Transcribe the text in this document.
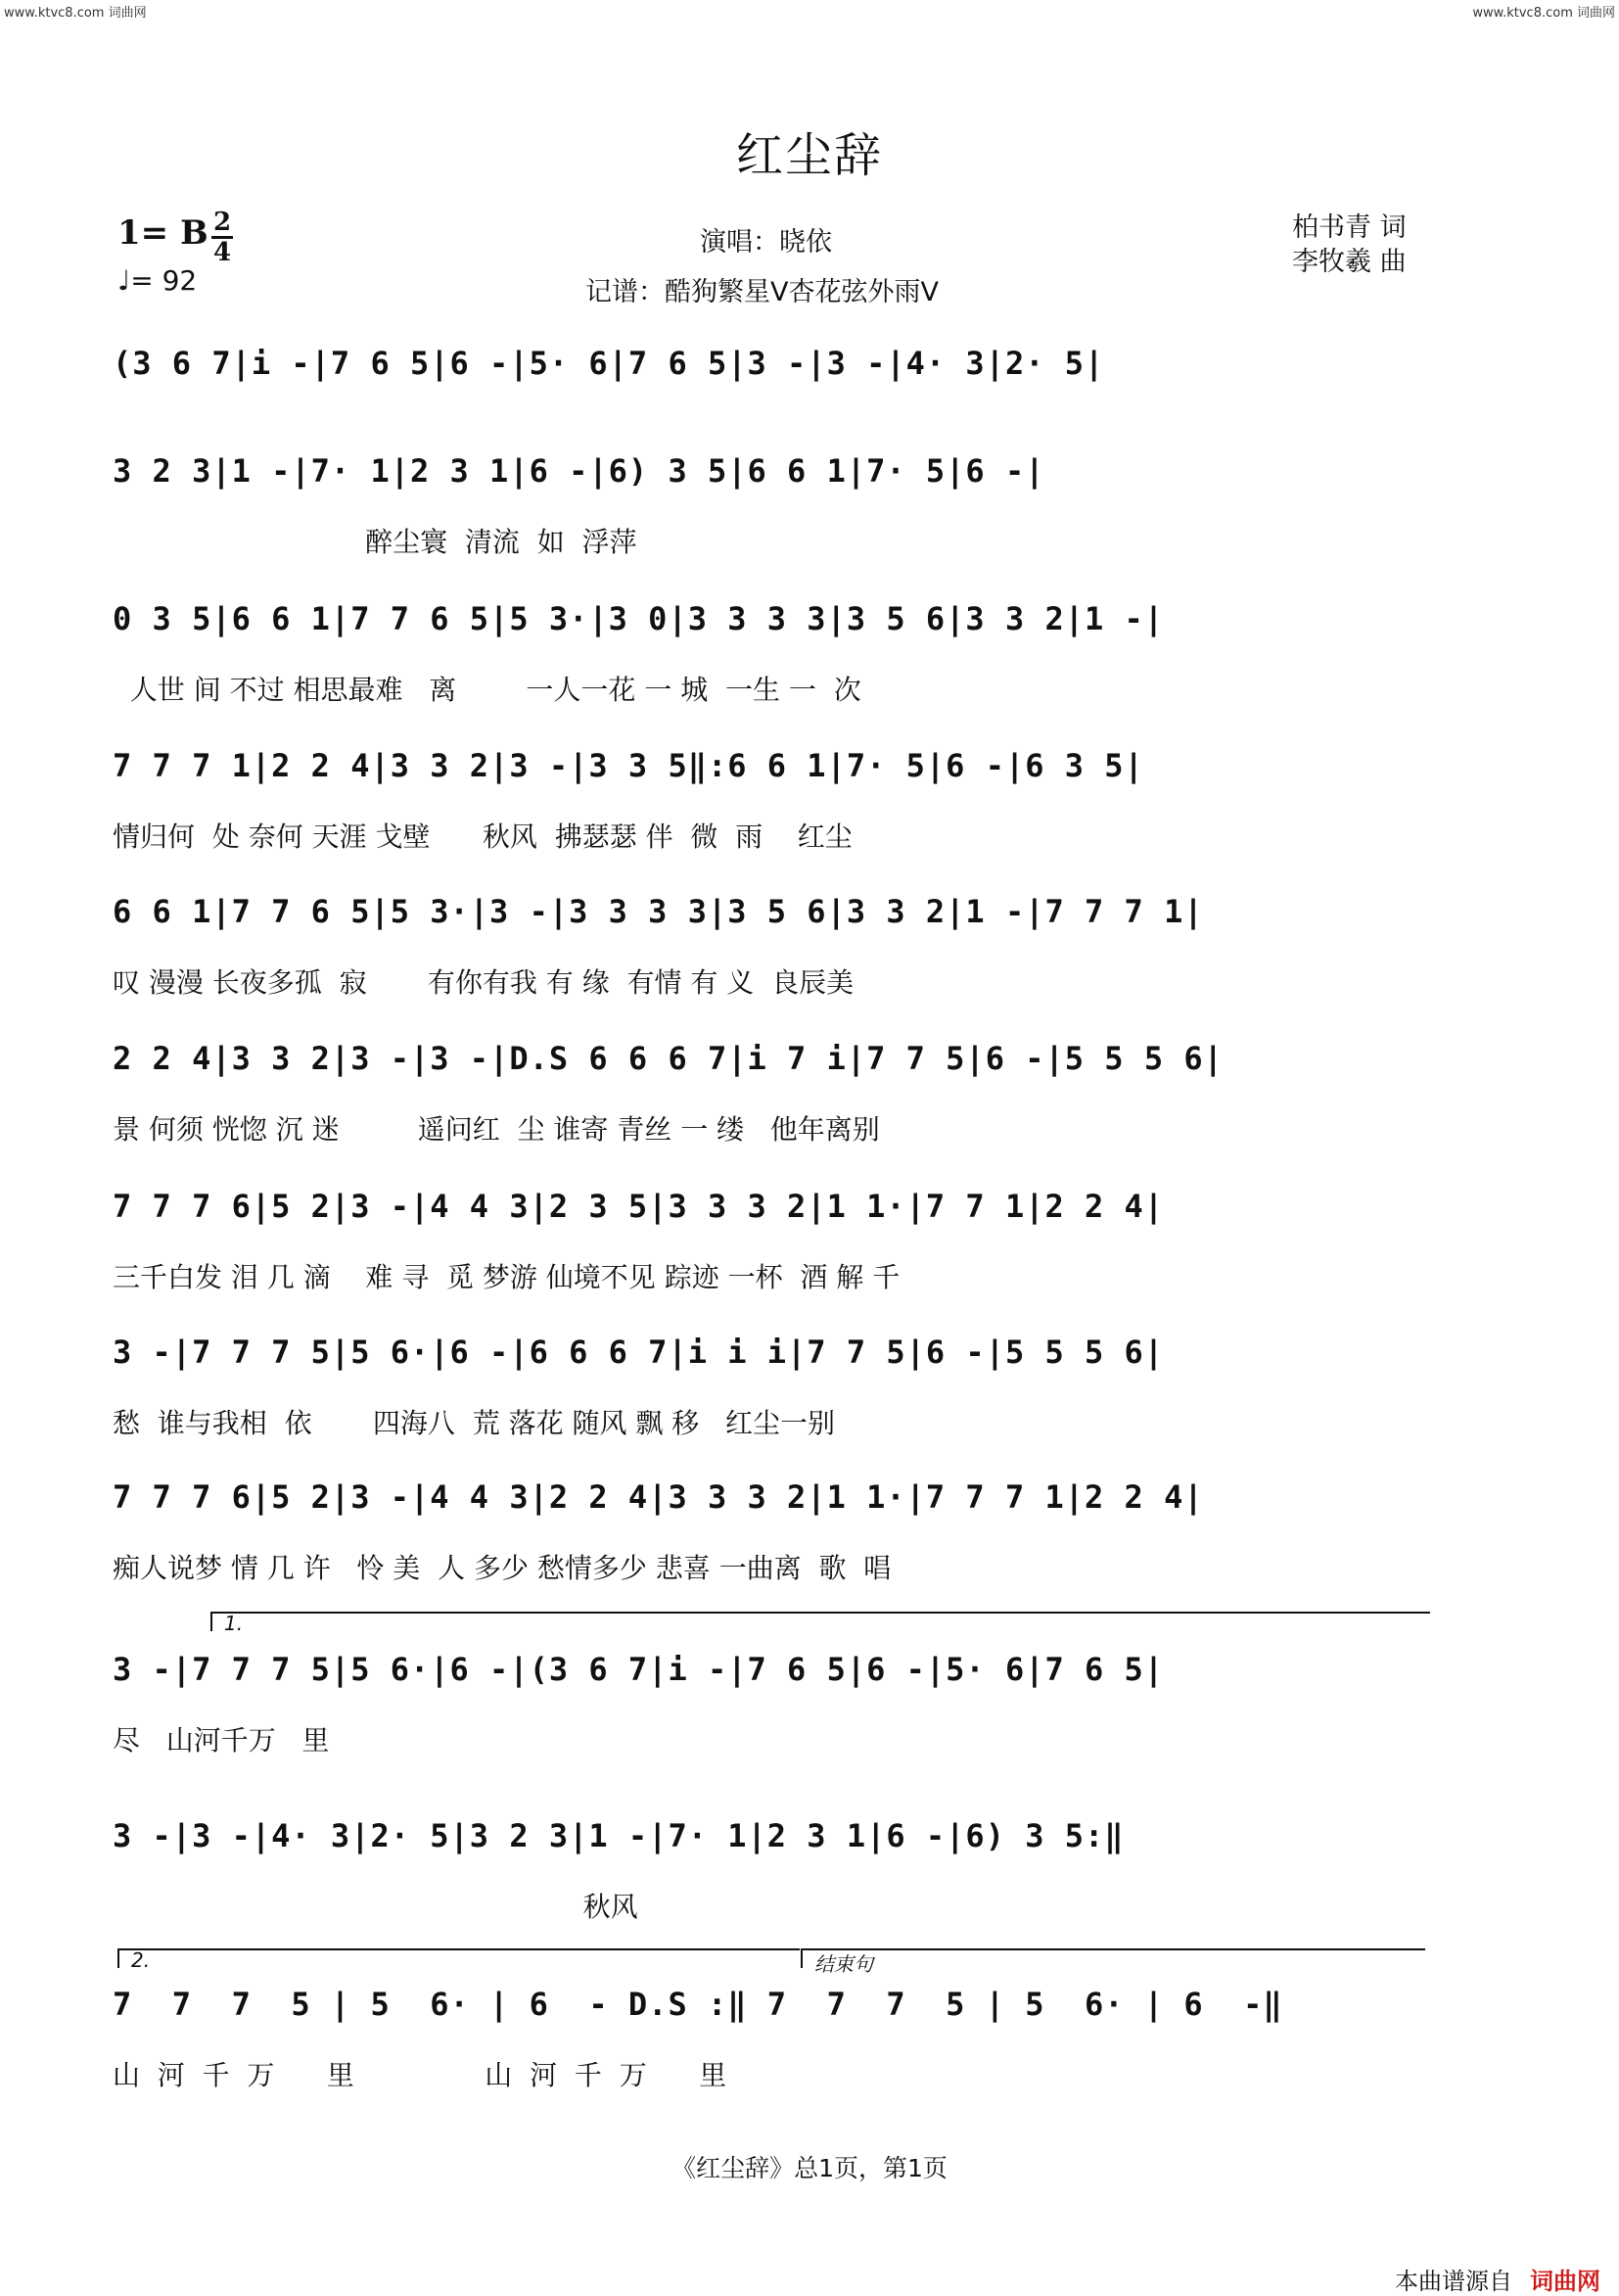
www.ktvc8.com 词曲网	www.ktvc8.com 词曲网
红尘辞
1= B 2
4
♩= 92
演唱：晓依
记谱：酷狗繁星V杏花弦外雨V
柏书青 词
李牧羲 曲
(3 6 7|i -|7 6 5|6 -|5· 6|7 6 5|3 -|3 -|4· 3|2· 5|
3 2 3|1 -|7· 1|2 3 1|6 -|6) 3 5|6 6 1|7· 5|6 -|
醉尘寰  清流  如  浮萍
0 3 5|6 6 1|7 7 6 5|5 3·|3 0|3 3 3 3|3 5 6|3 3 2|1 -|
人世 间 不过 相思最难   离        一人一花 一 城  一生 一  次
7 7 7 1|2 2 4|3 3 2|3 -|3 3 5‖:6 6 1|7· 5|6 -|6 3 5|
情归何  处 奈何 天涯 戈壁      秋风  拂瑟瑟 伴  微  雨    红尘
6 6 1|7 7 6 5|5 3·|3 -|3 3 3 3|3 5 6|3 3 2|1 -|7 7 7 1|
叹 漫漫 长夜多孤  寂       有你有我 有 缘  有情 有 义  良辰美
2 2 4|3 3 2|3 -|3 -|D.S 6 6 6 7|i 7 i|7 7 5|6 -|5 5 5 6|
景 何须 恍惚 沉 迷         遥问红  尘 谁寄 青丝 一 缕   他年离别
7 7 7 6|5 2|3 -|4 4 3|2 3 5|3 3 3 2|1 1·|7 7 1|2 2 4|
三千白发 泪 几 滴    难 寻  觅 梦游 仙境不见 踪迹 一杯  酒 解 千
3 -|7 7 7 5|5 6·|6 -|6 6 6 7|i i i|7 7 5|6 -|5 5 5 6|
愁  谁与我相  依       四海八  荒 落花 随风 飘 移   红尘一别
7 7 7 6|5 2|3 -|4 4 3|2 2 4|3 3 3 2|1 1·|7 7 7 1|2 2 4|
痴人说梦 情 几 许   怜 美  人 多少 愁情多少 悲喜 一曲离  歌  唱
1.
3 -|7 7 7 5|5 6·|6 -|(3 6 7|i -|7 6 5|6 -|5· 6|7 6 5|
尽   山河千万   里
3 -|3 -|4· 3|2· 5|3 2 3|1 -|7· 1|2 3 1|6 -|6) 3 5:‖
秋风
2.	结束句
7  7  7  5 | 5  6· | 6  - D.S :‖ 7  7  7  5 | 5  6· | 6  -‖
山  河  千  万      里               山  河  千  万      里
《红尘辞》总1页，第1页
本曲谱源自 词曲网
